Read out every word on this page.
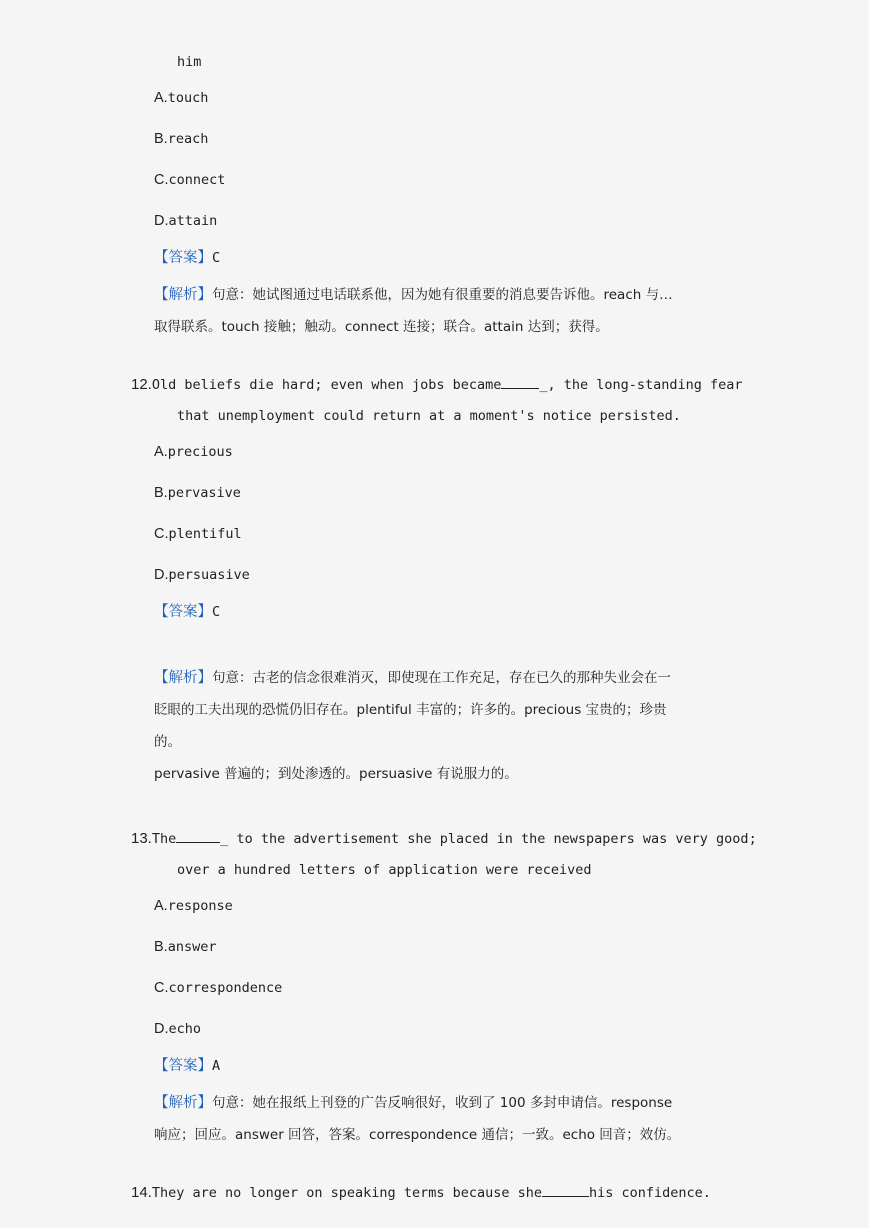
him
A.touch
B.reach
C.connect
D.attain
【答案】C
【解析】句意：她试图通过电话联系他，因为她有很重要的消息要告诉他。reach 与…
取得联系。touch 接触；触动。connect 连接；联合。attain 达到；获得。
12.Old beliefs die hard; even when jobs became	_, the long-standing fear
that unemployment could return at a moment's notice persisted.
A.precious
B.pervasive
C.plentiful
D.persuasive
【答案】C
【解析】句意：古老的信念很难消灭，即使现在工作充足，存在已久的那种失业会在一
眨眼的工夫出现的恐慌仍旧存在。plentiful 丰富的；许多的。precious 宝贵的；珍贵
的。
pervasive 普遍的；到处渗透的。persuasive 有说服力的。
13.The	_ to the advertisement she placed in the newspapers was very good;
over a hundred letters of application were received
A.response
B.answer
C.correspondence
D.echo
【答案】A
【解析】句意：她在报纸上刊登的广告反响很好，收到了 100 多封申请信。response
响应；回应。answer 回答，答案。correspondence 通信；一致。echo 回音；效仿。
14.They are no longer on speaking terms because she	his confidence.
